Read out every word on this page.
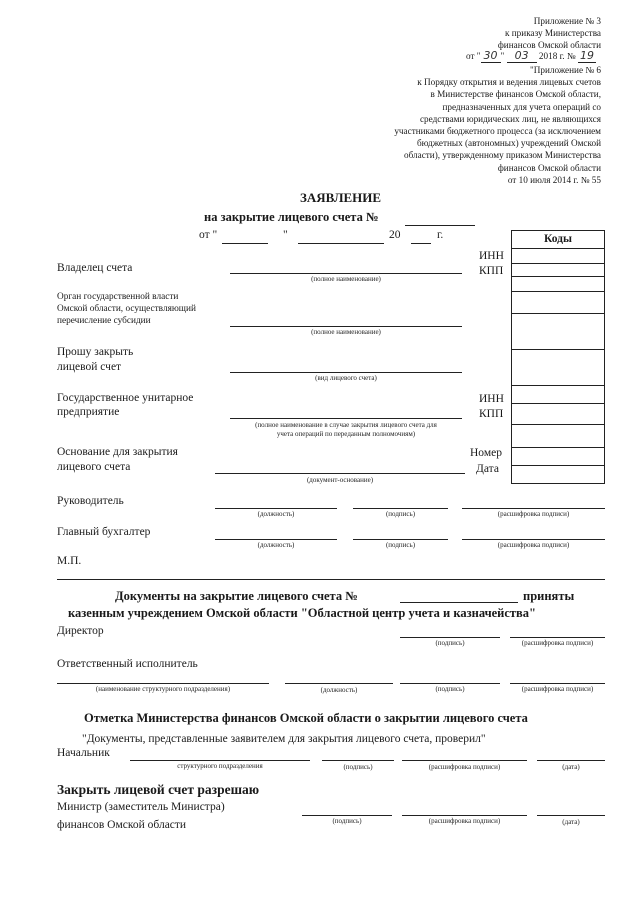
Приложение № 3
к приказу Министерства
финансов Омской области
от " 30 " 03 2018 г. № 19
"Приложение № 6
к Порядку открытия и ведения лицевых счетов
в Министерстве финансов Омской области,
предназначенных для учета операций со
средствами юридических лиц, не являющихся
участниками бюджетного процесса (за исключением
бюджетных (автономных) учреждений Омской
области), утвержденному приказом Министерства
финансов Омской области
от 10 июля 2014 г. № 55
ЗАЯВЛЕНИЕ
на закрытие лицевого счета №
от "	"	20	г.	Коды
Владелец счета
(полное наименование)
ИНН
КПП
Орган государственной власти
Омской области, осуществляющий
перечисление субсидии
(полное наименование)
Прошу закрыть
лицевой счет
(вид лицевого счета)
Государственное унитарное
предприятие
(полное наименование в случае закрытия лицевого счета для
учета операций по переданным полномочиям)
ИНН
КПП
Основание для закрытия
лицевого счета
(документ-основание)
Номер
Дата
Руководитель
(должность)	(подпись)	(расшифровка подписи)
Главный бухгалтер
(должность)	(подпись)	(расшифровка подписи)
М.П.
Документы на закрытие лицевого счета №	приняты
казенным учреждением Омской области "Областной центр учета и казначейства"
Директор
(подпись)	(расшифровка подписи)
Ответственный исполнитель
(наименование структурного подразделения)	(должность)	(подпись)	(расшифровка подписи)
Отметка Министерства финансов Омской области о закрытии лицевого счета
"Документы, представленные заявителем для закрытия лицевого счета, проверил"
Начальник
структурного подразделения	(подпись)	(расшифровка подписи)	(дата)
Закрыть лицевой счет разрешаю
Министр (заместитель Министра)
финансов Омской области	(подпись)	(расшифровка подписи)	(дата)
